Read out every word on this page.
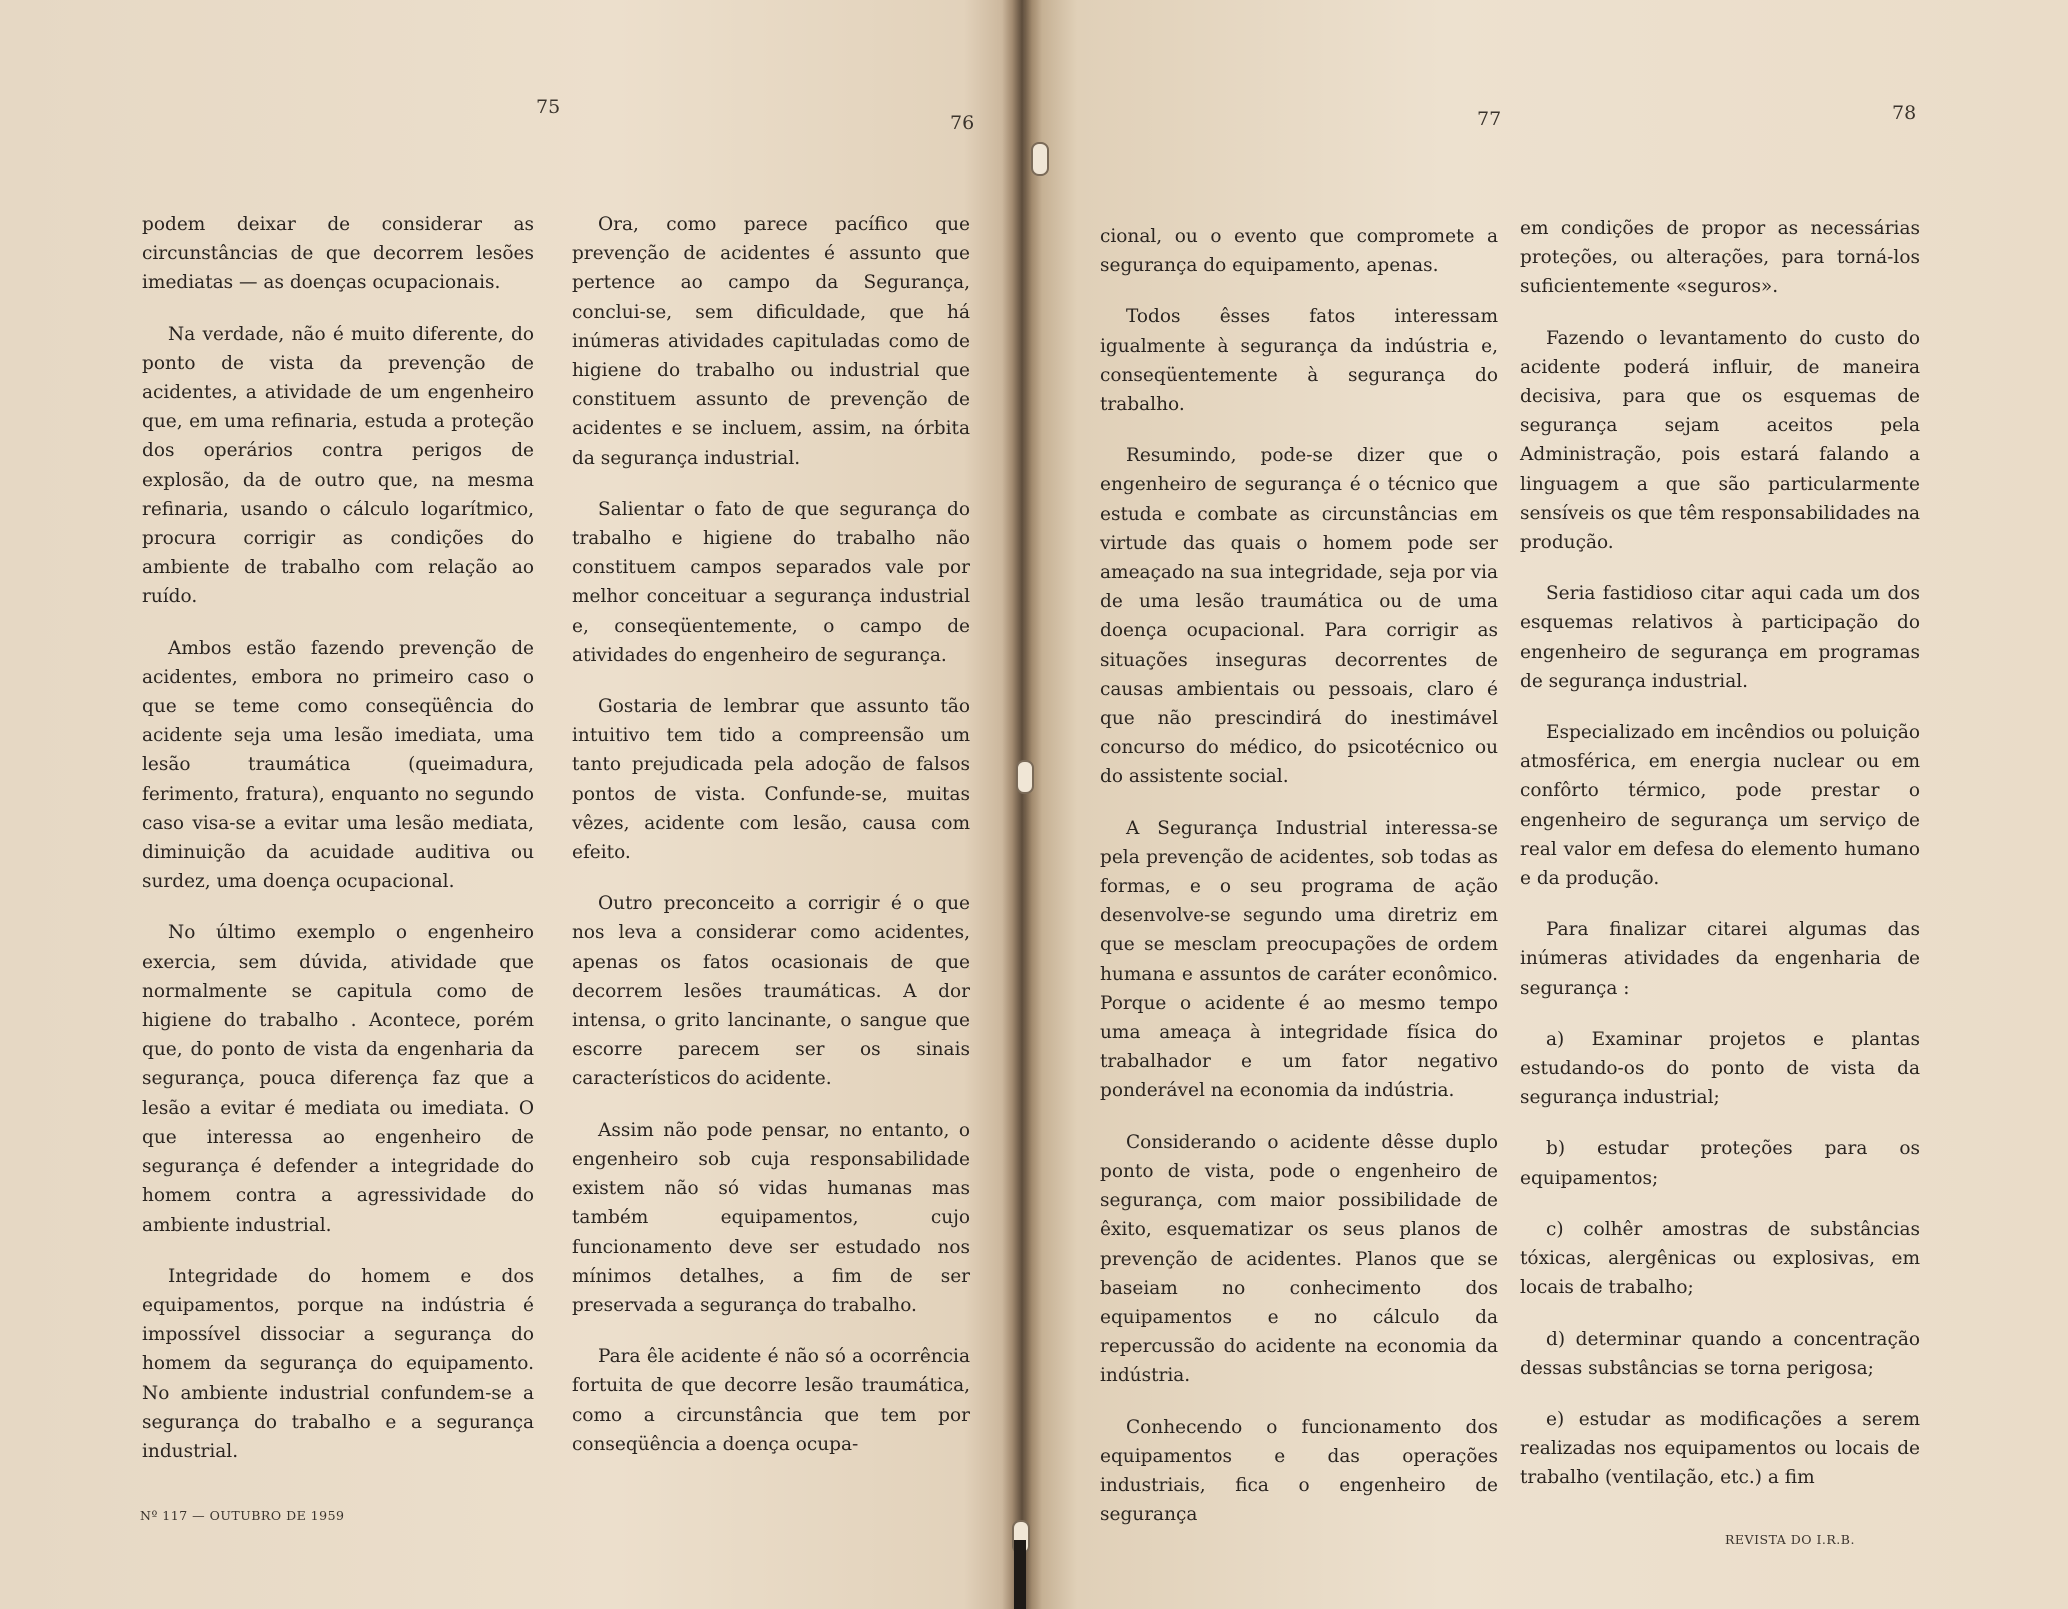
75
76

podem deixar de considerar as circunstâncias de que decorrem lesões imediatas — as doenças ocupacionais.

Na verdade, não é muito diferente, do ponto de vista da prevenção de acidentes, a atividade de um engenheiro que, em uma refinaria, estuda a proteção dos operários contra perigos de explosão, da de outro que, na mesma refinaria, usando o cálculo logarítmico, procura corrigir as condições do ambiente de trabalho com relação ao ruído.

Ambos estão fazendo prevenção de acidentes, embora no primeiro caso o que se teme como conseqüência do acidente seja uma lesão imediata, uma lesão traumática (queimadura, ferimento, fratura), enquanto no segundo caso visa-se a evitar uma lesão mediata, diminuição da acuidade auditiva ou surdez, uma doença ocupacional.

No último exemplo o engenheiro exercia, sem dúvida, atividade que normalmente se capitula como de higiene do trabalho . Acontece, porém que, do ponto de vista da engenharia da segurança, pouca diferença faz que a lesão a evitar é mediata ou imediata. O que interessa ao engenheiro de segurança é defender a integridade do homem contra a agressividade do ambiente industrial.

Integridade do homem e dos equipamentos, porque na indústria é impossível dissociar a segurança do homem da segurança do equipamento. No ambiente industrial confundem-se a segurança do trabalho e a segurança industrial.

Ora, como parece pacífico que prevenção de acidentes é assunto que pertence ao campo da Segurança, conclui-se, sem dificuldade, que há inúmeras atividades capituladas como de higiene do trabalho ou industrial que constituem assunto de prevenção de acidentes e se incluem, assim, na órbita da segurança industrial.

Salientar o fato de que segurança do trabalho e higiene do trabalho não constituem campos separados vale por melhor conceituar a segurança industrial e, conseqüentemente, o campo de atividades do engenheiro de segurança.

Gostaria de lembrar que assunto tão intuitivo tem tido a compreensão um tanto prejudicada pela adoção de falsos pontos de vista. Confunde-se, muitas vêzes, acidente com lesão, causa com efeito.

Outro preconceito a corrigir é o que nos leva a considerar como acidentes, apenas os fatos ocasionais de que decorrem lesões traumáticas. A dor intensa, o grito lancinante, o sangue que escorre parecem ser os sinais característicos do acidente.

Assim não pode pensar, no entanto, o engenheiro sob cuja responsabilidade existem não só vidas humanas mas também equipamentos, cujo funcionamento deve ser estudado nos mínimos detalhes, a fim de ser preservada a segurança do trabalho.

Para êle acidente é não só a ocorrência fortuita de que decorre lesão traumática, como a circunstância que tem por conseqüência a doença ocupa-

Nº 117 — OUTUBRO DE 1959
77	78

cional, ou o evento que compromete a segurança do equipamento, apenas.

Todos êsses fatos interessam igualmente à segurança da indústria e, conseqüentemente à segurança do trabalho.

Resumindo, pode-se dizer que o engenheiro de segurança é o técnico que estuda e combate as circunstâncias em virtude das quais o homem pode ser ameaçado na sua integridade, seja por via de uma lesão traumática ou de uma doença ocupacional. Para corrigir as situações inseguras decorrentes de causas ambientais ou pessoais, claro é que não prescindirá do inestimável concurso do médico, do psicotécnico ou do assistente social.

A Segurança Industrial interessa-se pela prevenção de acidentes, sob todas as formas, e o seu programa de ação desenvolve-se segundo uma diretriz em que se mesclam preocupações de ordem humana e assuntos de caráter econômico. Porque o acidente é ao mesmo tempo uma ameaça à integridade física do trabalhador e um fator negativo ponderável na economia da indústria.

Considerando o acidente dêsse duplo ponto de vista, pode o engenheiro de segurança, com maior possibilidade de êxito, esquematizar os seus planos de prevenção de acidentes. Planos que se baseiam no conhecimento dos equipamentos e no cálculo da repercussão do acidente na economia da indústria.

Conhecendo o funcionamento dos equipamentos e das operações industriais, fica o engenheiro de segurança

em condições de propor as necessárias proteções, ou alterações, para torná-los suficientemente «seguros».

Fazendo o levantamento do custo do acidente poderá influir, de maneira decisiva, para que os esquemas de segurança sejam aceitos pela Administração, pois estará falando a linguagem a que são particularmente sensíveis os que têm responsabilidades na produção.

Seria fastidioso citar aqui cada um dos esquemas relativos à participação do engenheiro de segurança em programas de segurança industrial.

Especializado em incêndios ou poluição atmosférica, em energia nuclear ou em confôrto térmico, pode prestar o engenheiro de segurança um serviço de real valor em defesa do elemento humano e da produção.

Para finalizar citarei algumas das inúmeras atividades da engenharia de segurança :

a) Examinar projetos e plantas estudando-os do ponto de vista da segurança industrial;

b) estudar proteções para os equipamentos;

c) colhêr amostras de substâncias tóxicas, alergênicas ou explosivas, em locais de trabalho;

d) determinar quando a concentração dessas substâncias se torna perigosa;

e) estudar as modificações a serem realizadas nos equipamentos ou locais de trabalho (ventilação, etc.) a fim

REVISTA DO I.R.B.
